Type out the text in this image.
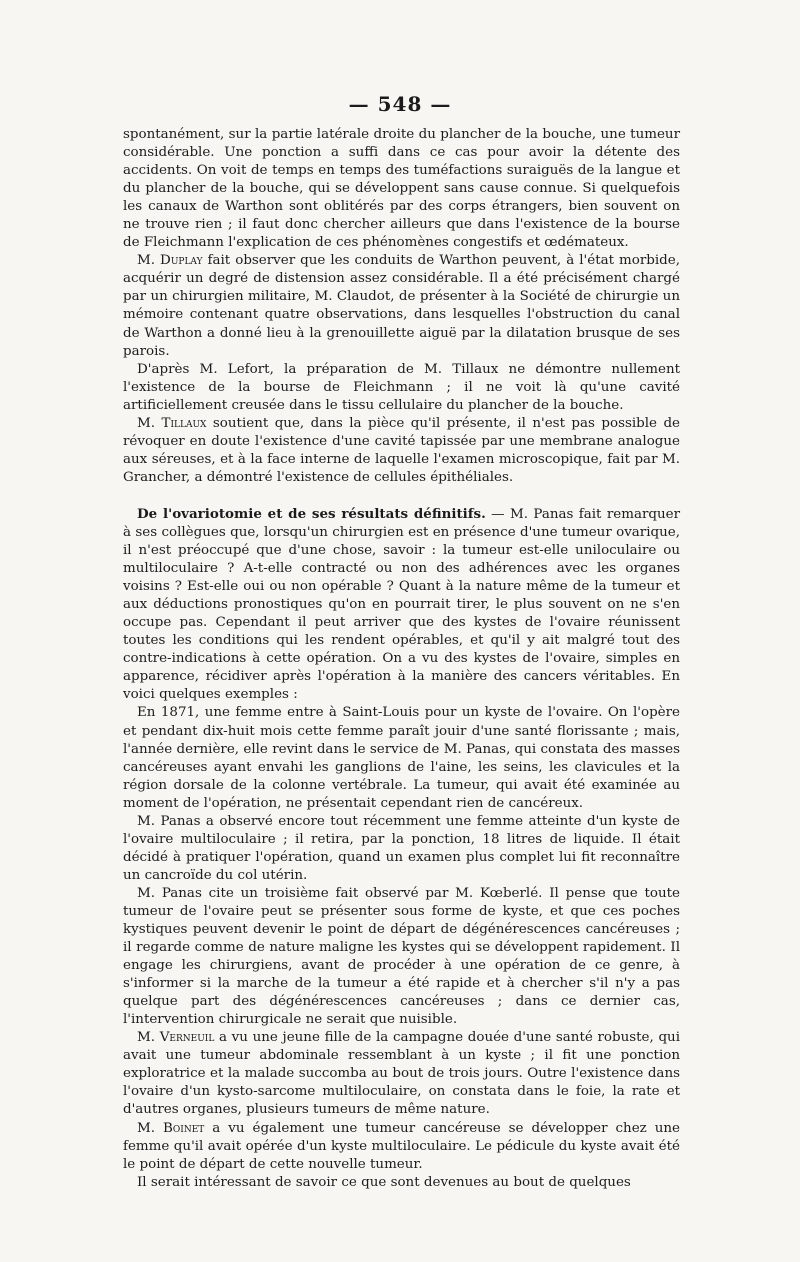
— 548 —

spontanément, sur la partie latérale droite du plancher de la bouche, une tumeur considérable. Une ponction a suffi dans ce cas pour avoir la détente des accidents. On voit de temps en temps des tuméfactions suraiguës de la langue et du plancher de la bouche, qui se développent sans cause connue. Si quelquefois les canaux de Warthon sont oblitérés par des corps étrangers, bien souvent on ne trouve rien ; il faut donc chercher ailleurs que dans l'existence de la bourse de Fleichmann l'explication de ces phénomènes congestifs et œdémateux.

M. Duplay fait observer que les conduits de Warthon peuvent, à l'état morbide, acquérir un degré de distension assez considérable. Il a été précisément chargé par un chirurgien militaire, M. Claudot, de présenter à la Société de chirurgie un mémoire contenant quatre observations, dans lesquelles l'obstruction du canal de Warthon a donné lieu à la grenouillette aiguë par la dilatation brusque de ses parois.

D'après M. Lefort, la préparation de M. Tillaux ne démontre nullement l'existence de la bourse de Fleichmann ; il ne voit là qu'une cavité artificiellement creusée dans le tissu cellulaire du plancher de la bouche.

M. Tillaux soutient que, dans la pièce qu'il présente, il n'est pas possible de révoquer en doute l'existence d'une cavité tapissée par une membrane analogue aux séreuses, et à la face interne de laquelle l'examen microscopique, fait par M. Grancher, a démontré l'existence de cellules épithéliales.

De l'ovariotomie et de ses résultats définitifs. — M. Panas fait remarquer à ses collègues que, lorsqu'un chirurgien est en présence d'une tumeur ovarique, il n'est préoccupé que d'une chose, savoir : la tumeur est-elle uniloculaire ou multiloculaire ? A-t-elle contracté ou non des adhérences avec les organes voisins ? Est-elle oui ou non opérable ? Quant à la nature même de la tumeur et aux déductions pronostiques qu'on en pourrait tirer, le plus souvent on ne s'en occupe pas. Cependant il peut arriver que des kystes de l'ovaire réunissent toutes les conditions qui les rendent opérables, et qu'il y ait malgré tout des contre-indications à cette opération. On a vu des kystes de l'ovaire, simples en apparence, récidiver après l'opération à la manière des cancers véritables. En voici quelques exemples :

En 1871, une femme entre à Saint-Louis pour un kyste de l'ovaire. On l'opère et pendant dix-huit mois cette femme paraît jouir d'une santé florissante ; mais, l'année dernière, elle revint dans le service de M. Panas, qui constata des masses cancéreuses ayant envahi les ganglions de l'aine, les seins, les clavicules et la région dorsale de la colonne vertébrale. La tumeur, qui avait été examinée au moment de l'opération, ne présentait cependant rien de cancéreux.

M. Panas a observé encore tout récemment une femme atteinte d'un kyste de l'ovaire multiloculaire ; il retira, par la ponction, 18 litres de liquide. Il était décidé à pratiquer l'opération, quand un examen plus complet lui fit reconnaître un cancroïde du col utérin.

M. Panas cite un troisième fait observé par M. Kœberlé. Il pense que toute tumeur de l'ovaire peut se présenter sous forme de kyste, et que ces poches kystiques peuvent devenir le point de départ de dégénérescences cancéreuses ; il regarde comme de nature maligne les kystes qui se développent rapidement. Il engage les chirurgiens, avant de procéder à une opération de ce genre, à s'informer si la marche de la tumeur a été rapide et à chercher s'il n'y a pas quelque part des dégénérescences cancéreuses ; dans ce dernier cas, l'intervention chirurgicale ne serait que nuisible.

M. Verneuil a vu une jeune fille de la campagne douée d'une santé robuste, qui avait une tumeur abdominale ressemblant à un kyste ; il fit une ponction exploratrice et la malade succomba au bout de trois jours. Outre l'existence dans l'ovaire d'un kysto-sarcome multiloculaire, on constata dans le foie, la rate et d'autres organes, plusieurs tumeurs de même nature.

M. Boinet a vu également une tumeur cancéreuse se développer chez une femme qu'il avait opérée d'un kyste multiloculaire. Le pédicule du kyste avait été le point de départ de cette nouvelle tumeur.

Il serait intéressant de savoir ce que sont devenues au bout de quelques
